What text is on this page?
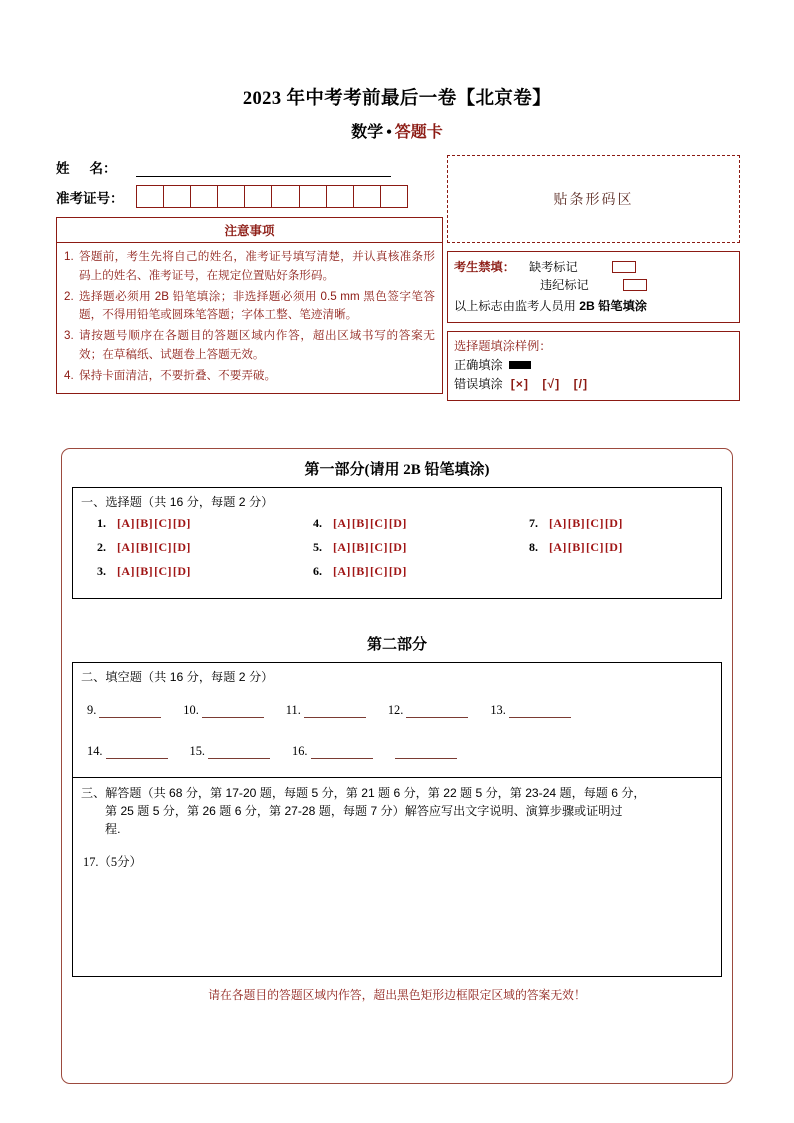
2023 年中考考前最后一卷【北京卷】
数学 • 答题卡
姓 名：
准考证号：
注意事项
1. 答题前，考生先将自己的姓名，准考证号填写清楚，并认真核准条形码上的姓名、准考证号，在规定位置贴好条形码。
2. 选择题必须用 2B 铅笔填涂；非选择题必须用 0.5 mm 黑色签字笔答题，不得用铅笔或圆珠笔答题；字体工整、笔迹清晰。
3. 请按题号顺序在各题目的答题区域内作答，超出区域书写的答案无效；在草稿纸、试题卷上答题无效。
4. 保持卡面清洁，不要折叠、不要弄破。
贴条形码区
考生禁填： 缺考标记
违纪标记
以上标志由监考人员用 2B 铅笔填涂
选择题填涂样例：
正确填涂
错误填涂 [×] [√] [/]
第一部分(请用 2B 铅笔填涂)
一、选择题（共 16 分，每题 2 分）
1. [A][B][C][D]
2. [A][B][C][D]
3. [A][B][C][D]
4. [A][B][C][D]
5. [A][B][C][D]
6. [A][B][C][D]
7. [A][B][C][D]
8. [A][B][C][D]
第二部分
二、填空题（共 16 分，每题 2 分）
9.	10.	11.	12.	13.
14.	15.	16.
三、解答题（共 68 分，第 17-20 题，每题 5 分，第 21 题 6 分，第 22 题 5 分，第 23-24 题，每题 6 分，
第 25 题 5 分，第 26 题 6 分，第 27-28 题，每题 7 分）解答应写出文字说明、演算步骤或证明过
程.
17.（5分）
请在各题目的答题区域内作答，超出黑色矩形边框限定区域的答案无效！
